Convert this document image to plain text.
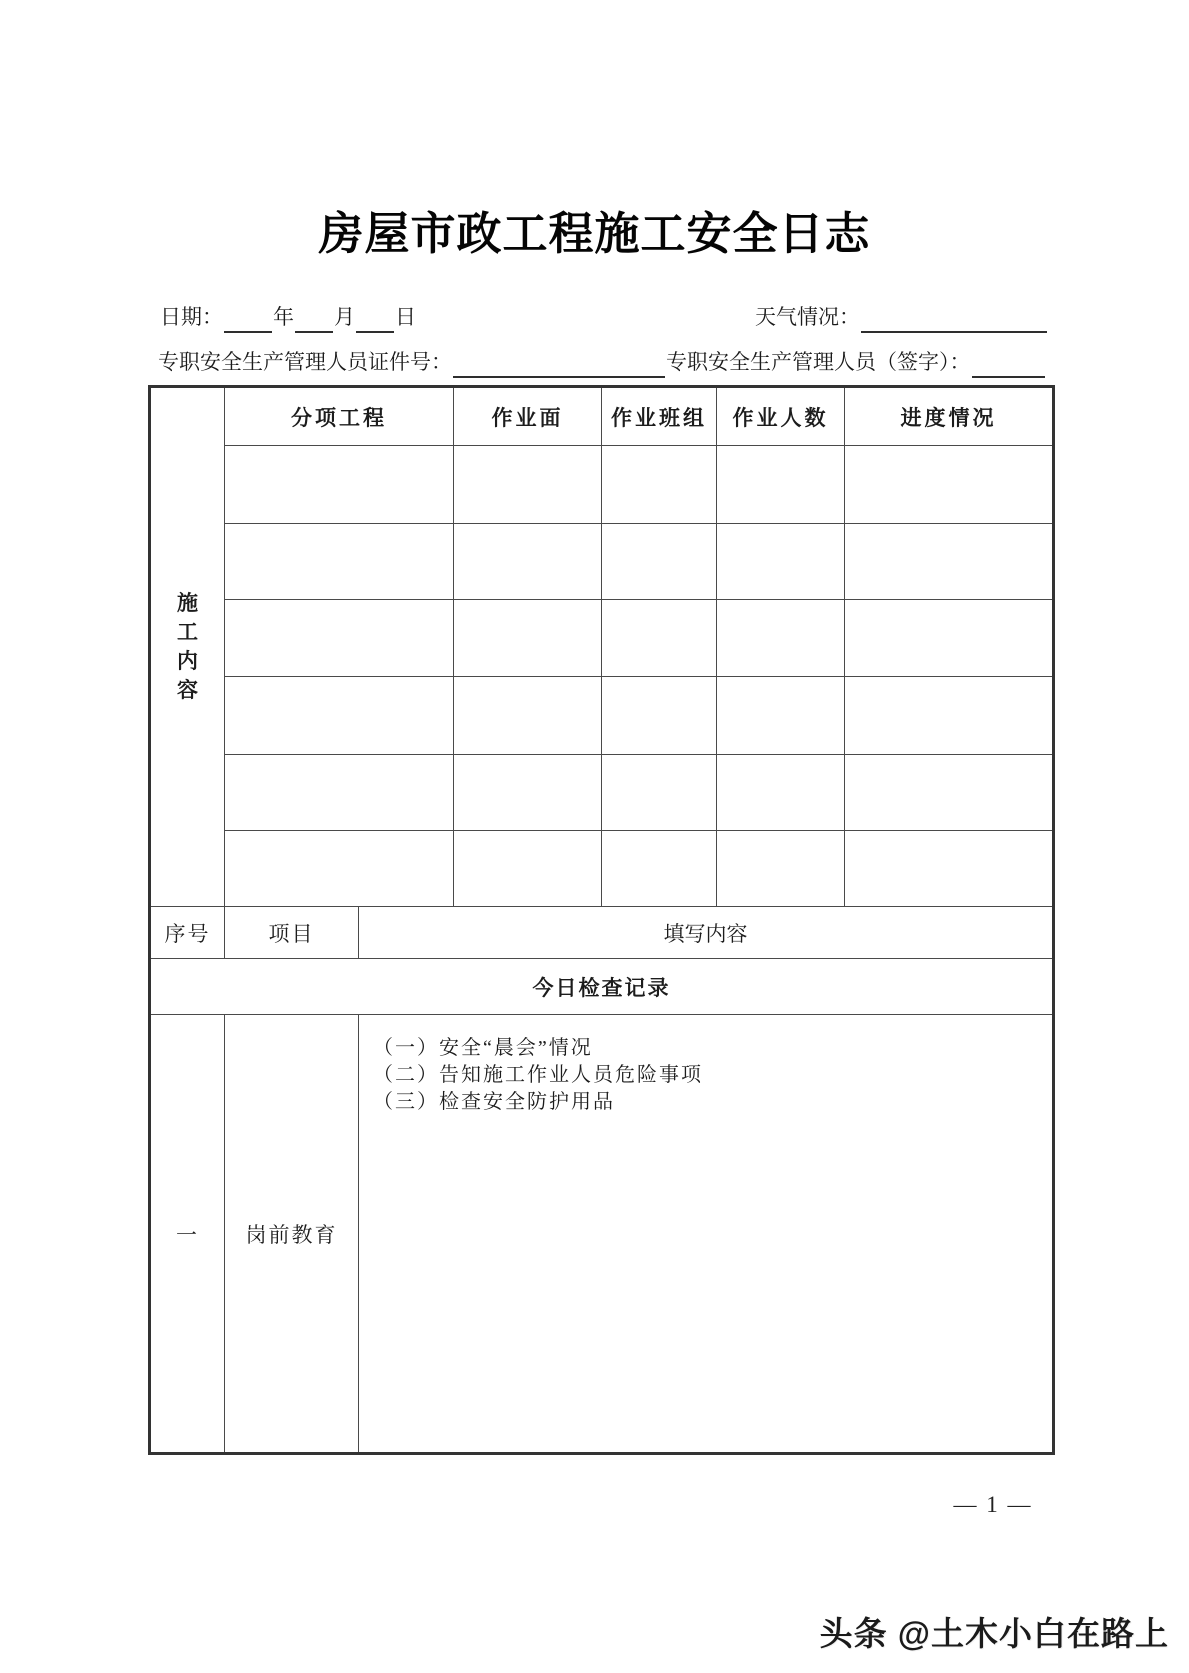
房屋市政工程施工安全日志
日期： 年 月 日	天气情况：
专职安全生产管理人员证件号：	专职安全生产管理人员（签字）：
施
工
内
容	分项工程		作业面	作业班组	作业人数	进度情况

序号	项目	填写内容				
今日检查记录						
一	岗前教育	（一）安全“晨会”情况
（二）告知施工作业人员危险事项
（三）检查安全防护用品				
— 1 —
头条 @土木小白在路上
